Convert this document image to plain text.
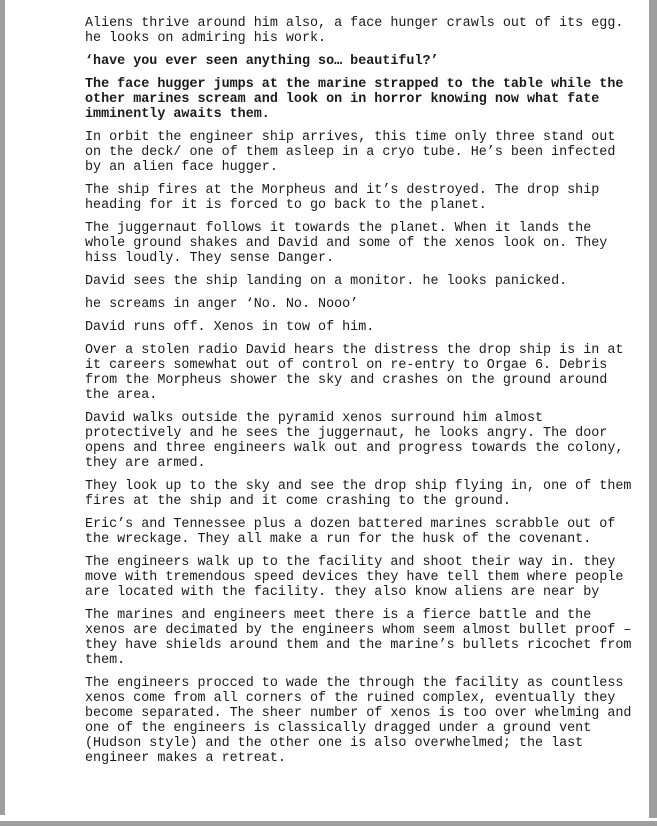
Aliens thrive around him also, a face hunger crawls out of its egg. he looks on admiring his work.

‘have you ever seen anything so… beautiful?’

The face hugger jumps at the marine strapped to the table while the other marines scream and look on in horror knowing now what fate imminently awaits them.

In orbit the engineer ship arrives, this time only three stand out on the deck/ one of them asleep in a cryo tube. He’s been infected by an alien face hugger.

The ship fires at the Morpheus and it’s destroyed. The drop ship heading for it is forced to go back to the planet.

The juggernaut follows it towards the planet. When it lands the whole ground shakes and David and some of the xenos look on. They hiss loudly. They sense Danger.

David sees the ship landing on a monitor. he looks panicked.

he screams in anger ‘No. No. Nooo’

David runs off. Xenos in tow of him.

Over a stolen radio David hears the distress the drop ship is in at it careers somewhat out of control on re-entry to Orgae 6. Debris from the Morpheus shower the sky and crashes on the ground around the area.

David walks outside the pyramid xenos surround him almost protectively and he sees the juggernaut, he looks angry. The door opens and three engineers walk out and progress towards the colony, they are armed.

They look up to the sky and see the drop ship flying in, one of them fires at the ship and it come crashing to the ground.

Eric’s and Tennessee plus a dozen battered marines scrabble out of the wreckage. They all make a run for the husk of the covenant.

The engineers walk up to the facility and shoot their way in. they move with tremendous speed devices they have tell them where people are located with the facility. they also know aliens are near by

The marines and engineers meet there is a fierce battle and the xenos are decimated by the engineers whom seem almost bullet proof – they have shields around them and the marine’s bullets ricochet from them.

The engineers procced to wade the through the facility as countless xenos come from all corners of the ruined complex, eventually they become separated. The sheer number of xenos is too over whelming and one of the engineers is classically dragged under a ground vent (Hudson style) and the other one is also overwhelmed; the last engineer makes a retreat.
